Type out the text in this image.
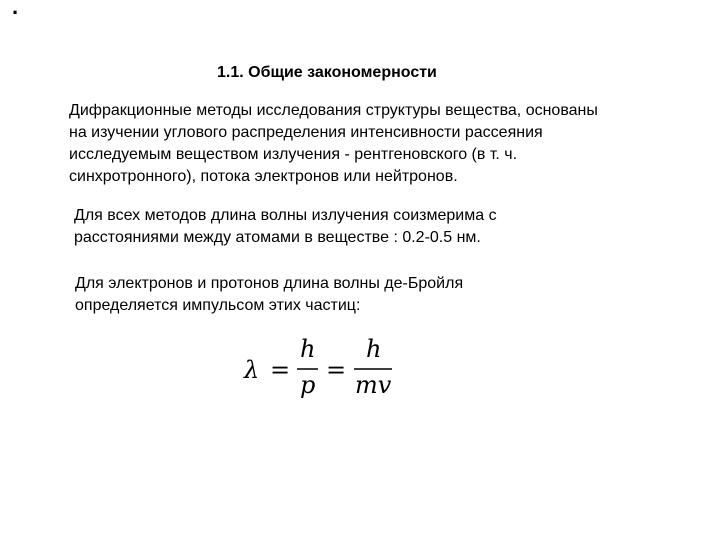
·
1.1. Общие закономерности

Дифракционные методы исследования структуры вещества, основаны
на изучении углового распределения интенсивности рассеяния
исследуемым веществом излучения - рентгеновского (в т. ч.
синхротронного), потока электронов или нейтронов.

Для всех методов длина волны излучения соизмерима с
расстояниями между атомами в веществе : 0.2-0.5 нм.

Для электронов и протонов длина волны де-Бройля
определяется импульсом этих частиц:

λ =
h
p
=
h
mv
